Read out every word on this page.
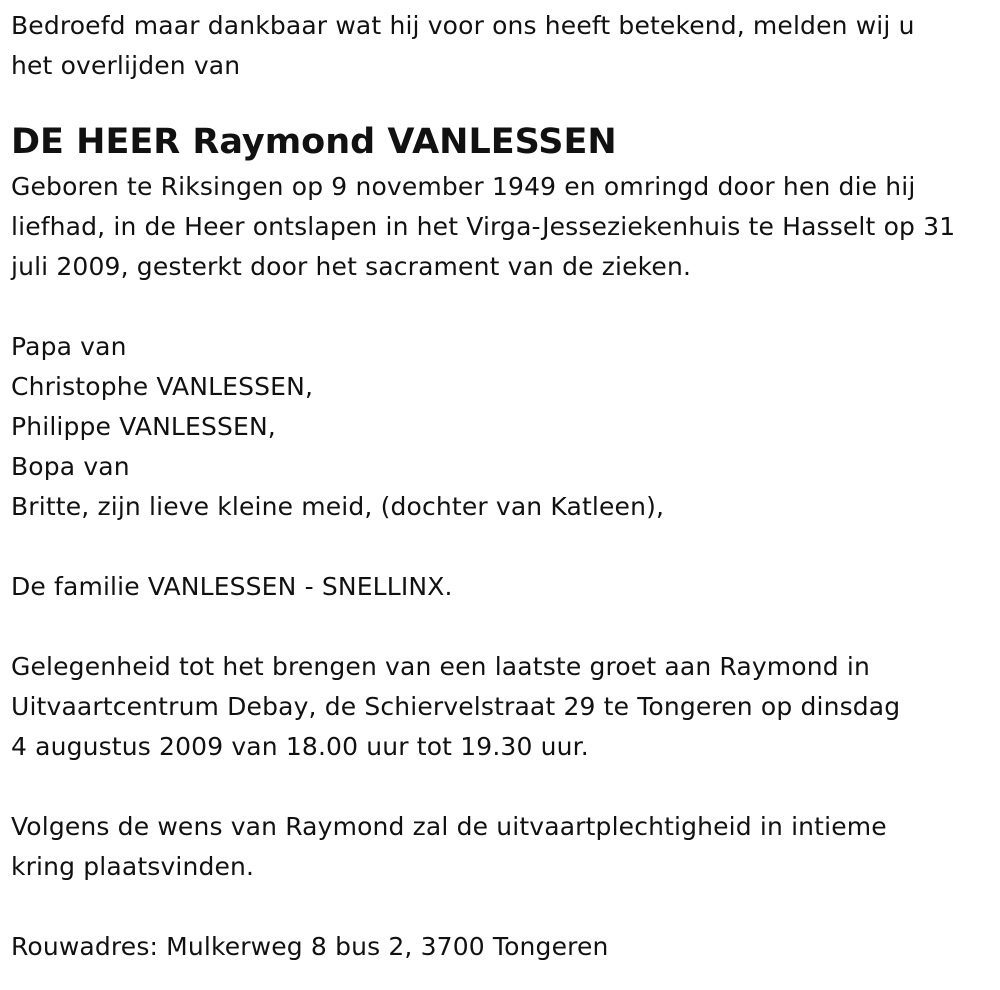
Bedroefd maar dankbaar wat hij voor ons heeft betekend, melden wij u
het overlijden van
DE HEER Raymond VANLESSEN
Geboren te Riksingen op 9 november 1949 en omringd door hen die hij
liefhad, in de Heer ontslapen in het Virga-Jesseziekenhuis te Hasselt op 31
juli 2009, gesterkt door het sacrament van de zieken.
Papa van
Christophe VANLESSEN,
Philippe VANLESSEN,
Bopa van
Britte, zijn lieve kleine meid, (dochter van Katleen),
De familie VANLESSEN - SNELLINX.
Gelegenheid tot het brengen van een laatste groet aan Raymond in
Uitvaartcentrum Debay, de Schiervelstraat 29 te Tongeren op dinsdag
4 augustus 2009 van 18.00 uur tot 19.30 uur.
Volgens de wens van Raymond zal de uitvaartplechtigheid in intieme
kring plaatsvinden.
Rouwadres: Mulkerweg 8 bus 2, 3700 Tongeren
